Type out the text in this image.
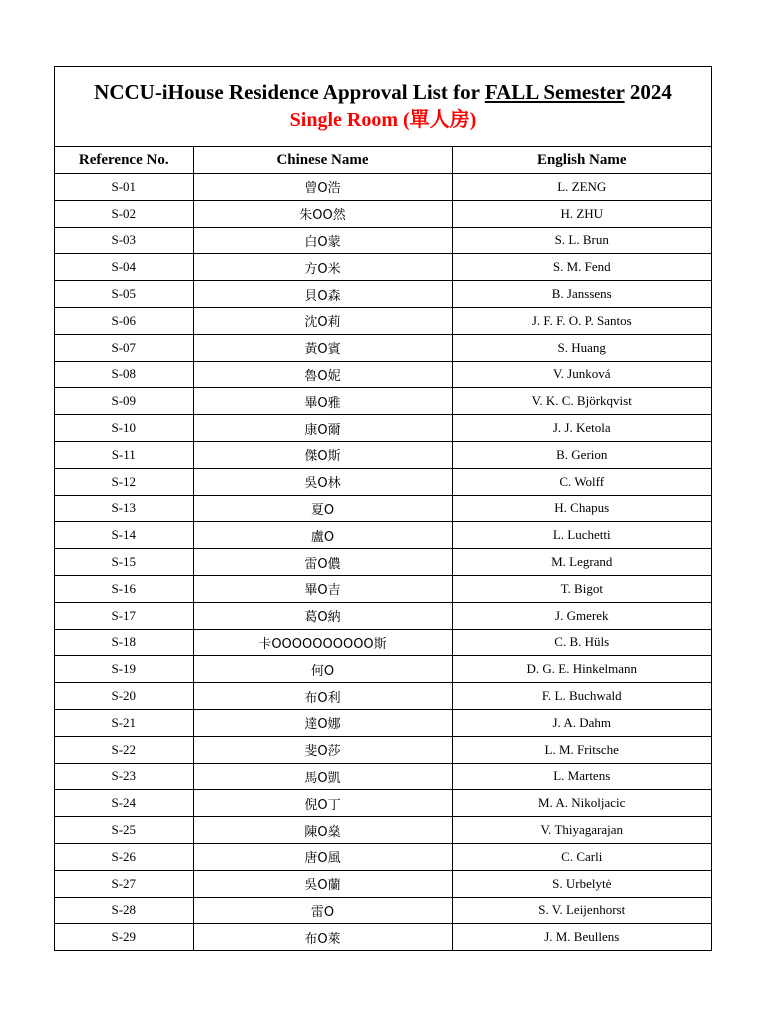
NCCU-iHouse Residence Approval List for FALL Semester 2024
Single Room (單人房)
Reference No.	Chinese Name	English Name
S-01	曾O浩	L. ZENG
S-02	朱OO然	H. ZHU
S-03	白O蒙	S. L. Brun
S-04	方O米	S. M. Fend
S-05	貝O森	B. Janssens
S-06	沈O莉	J. F. F. O. P. Santos
S-07	黃O賓	S. Huang
S-08	魯O妮	V. Junková
S-09	畢O雅	V. K. C. Björkqvist
S-10	康O爾	J. J. Ketola
S-11	傑O斯	B. Gerion
S-12	吳O林	C. Wolff
S-13	夏O	H. Chapus
S-14	盧O	L. Luchetti
S-15	雷O儂	M. Legrand
S-16	畢O吉	T. Bigot
S-17	葛O納	J. Gmerek
S-18	卡OOOOOOOOOO斯	C. B. Hüls
S-19	何O	D. G. E. Hinkelmann
S-20	布O利	F. L. Buchwald
S-21	達O娜	J. A. Dahm
S-22	斐O莎	L. M. Fritsche
S-23	馬O凱	L. Martens
S-24	倪O丁	M. A. Nikoljacic
S-25	陳O燊	V. Thiyagarajan
S-26	唐O風	C. Carli
S-27	吳O蘭	S. Urbelytė
S-28	雷O	S. V. Leijenhorst
S-29	布O萊	J. M. Beullens
